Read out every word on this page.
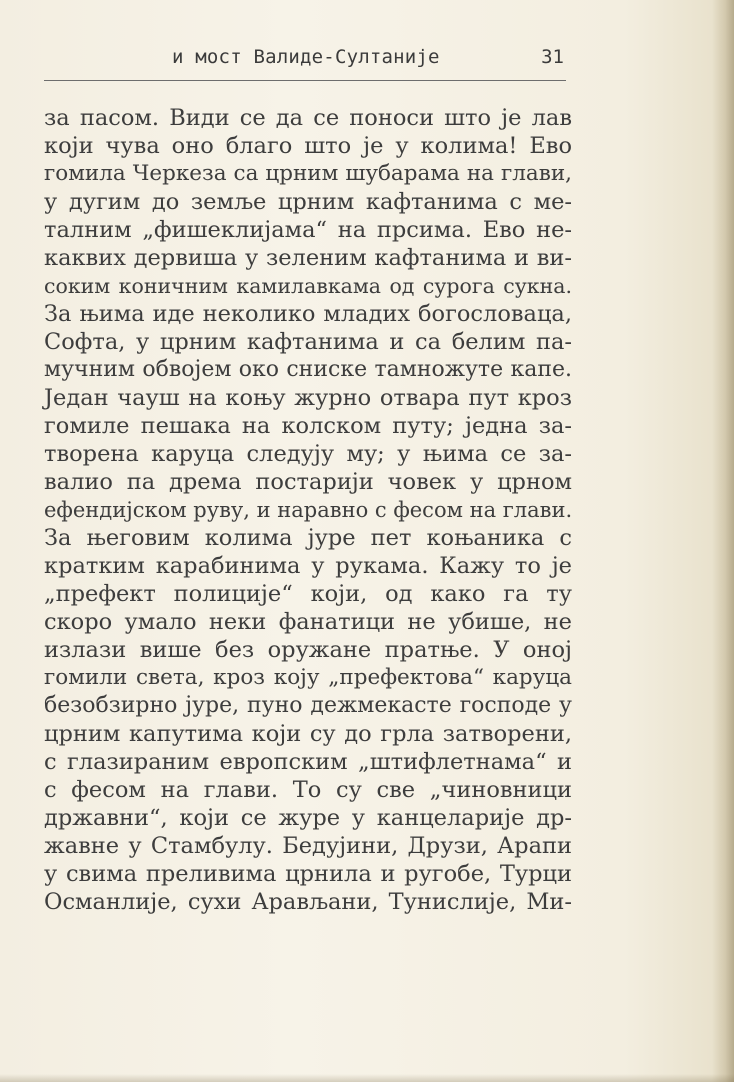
и мост Валиде-Султаније	31
за пасом. Види се да се поноси што је лав
који чува оно благо што је у колима! Ево
гомила Черкеза са црним шубарама на глави,
у дугим до земље црним кафтанима с ме-
талним „фишеклијама“ на прсима. Ево не-
каквих дервиша у зеленим кафтанима и ви-
соким коничним камилавкама од сурога сукна.
За њима иде неколико младих богословаца,
Софта, у црним кафтанима и са белим па-
мучним обвојем око сниске тамножуте капе.
Један чауш на коњу журно отвара пут кроз
гомиле пешака на колском путу; једна за-
творена каруца следују му; у њима се за-
валио па дрема постарији човек у црном
ефендијском руву, и наравно с фесом на глави.
За његовим колима јуре пет коњаника с
кратким карабинима у рукама. Кажу то је
„префект полиције“ који, од како га ту
скоро умало неки фанатици не убише, не
излази више без оружане пратње. У оној
гомили света, кроз коју „префектова“ каруца
безобзирно јуре, пуно дежмекасте господе у
црним капутима који су до грла затворени,
с глазираним европским „штифлетнама“ и
с фесом на глави. То су све „чиновници
државни“, који се журе у канцеларије др-
жавне у Стамбулу. Бедујини, Друзи, Арапи
у свима преливима црнила и ругобе, Турци
Османлије, сухи Арављани, Тунислије, Ми-
